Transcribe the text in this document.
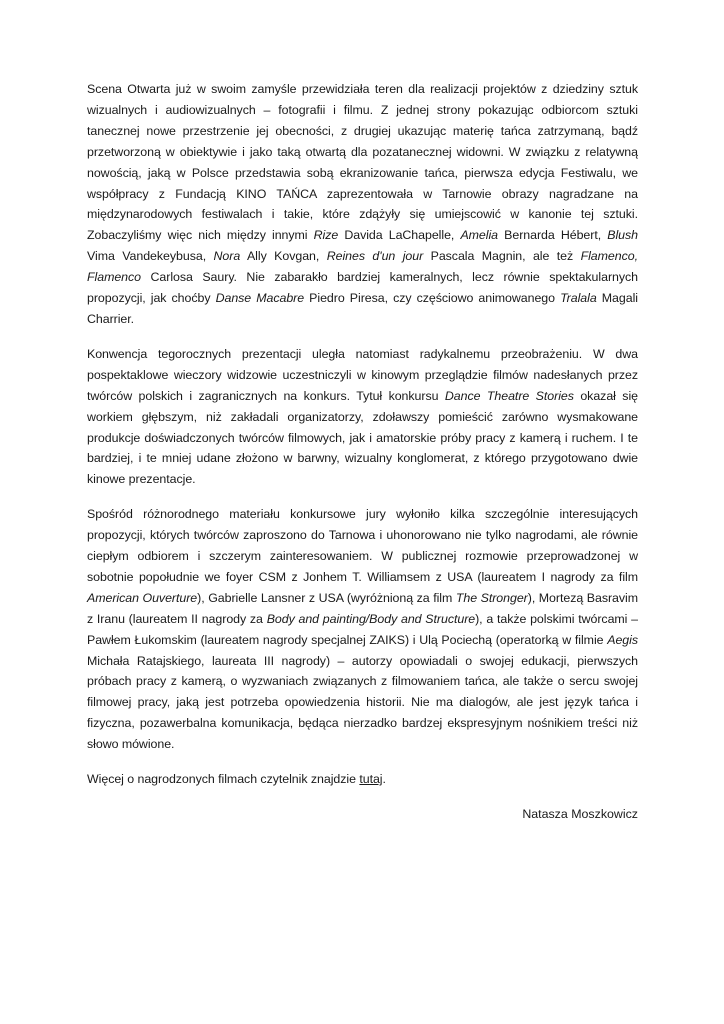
Scena Otwarta już w swoim zamyśle przewidziała teren dla realizacji projektów z dziedziny sztuk wizualnych i audiowizualnych – fotografii i filmu. Z jednej strony pokazując odbiorcom sztuki tanecznej nowe przestrzenie jej obecności, z drugiej ukazując materię tańca zatrzymaną, bądź przetworzoną w obiektywie i jako taką otwartą dla pozatanecznej widowni. W związku z relatywną nowością, jaką w Polsce przedstawia sobą ekranizowanie tańca, pierwsza edycja Festiwalu, we współpracy z Fundacją KINO TAŃCA zaprezentowała w Tarnowie obrazy nagradzane na międzynarodowych festiwalach i takie, które zdążyły się umiejscowić w kanonie tej sztuki. Zobaczyliśmy więc nich między innymi Rize Davida LaChapelle, Amelia Bernarda Hébert, Blush Vima Vandekeybusa, Nora Ally Kovgan, Reines d'un jour Pascala Magnin, ale też Flamenco, Flamenco Carlosa Saury. Nie zabarakło bardziej kameralnych, lecz równie spektakularnych propozycji, jak choćby Danse Macabre Piedro Piresa, czy częściowo animowanego Tralala Magali Charrier.

Konwencja tegorocznych prezentacji uległa natomiast radykalnemu przeobrażeniu. W dwa pospektaklowe wieczory widzowie uczestniczyli w kinowym przeglądzie filmów nadesłanych przez twórców polskich i zagranicznych na konkurs. Tytuł konkursu Dance Theatre Stories okazał się workiem głębszym, niż zakładali organizatorzy, zdoławszy pomieścić zarówno wysmakowane produkcje doświadczonych twórców filmowych, jak i amatorskie próby pracy z kamerą i ruchem. I te bardziej, i te mniej udane złożono w barwny, wizualny konglomerat, z którego przygotowano dwie kinowe prezentacje.

Spośród różnorodnego materiału konkursowe jury wyłoniło kilka szczególnie interesujących propozycji, których twórców zaproszono do Tarnowa i uhonorowano nie tylko nagrodami, ale równie ciepłym odbiorem i szczerym zainteresowaniem. W publicznej rozmowie przeprowadzonej w sobotnie popołudnie we foyer CSM z Jonhem T. Williamsem z USA (laureatem I nagrody za film American Ouverture), Gabrielle Lansner z USA (wyróżnioną za film The Stronger), Mortezą Basravim z Iranu (laureatem II nagrody za Body and painting/Body and Structure), a także polskimi twórcami – Pawłem Łukomskim (laureatem nagrody specjalnej ZAIKS) i Ulą Pociechą (operatorką w filmie Aegis Michała Ratajskiego, laureata III nagrody) – autorzy opowiadali o swojej edukacji, pierwszych próbach pracy z kamerą, o wyzwaniach związanych z filmowaniem tańca, ale także o sercu swojej filmowej pracy, jaką jest potrzeba opowiedzenia historii. Nie ma dialogów, ale jest język tańca i fizyczna, pozawerbalna komunikacja, będąca nierzadko bardzej ekspresyjnym nośnikiem treści niż słowo mówione.

Więcej o nagrodzonych filmach czytelnik znajdzie tutaj.

Natasza Moszkowicz
